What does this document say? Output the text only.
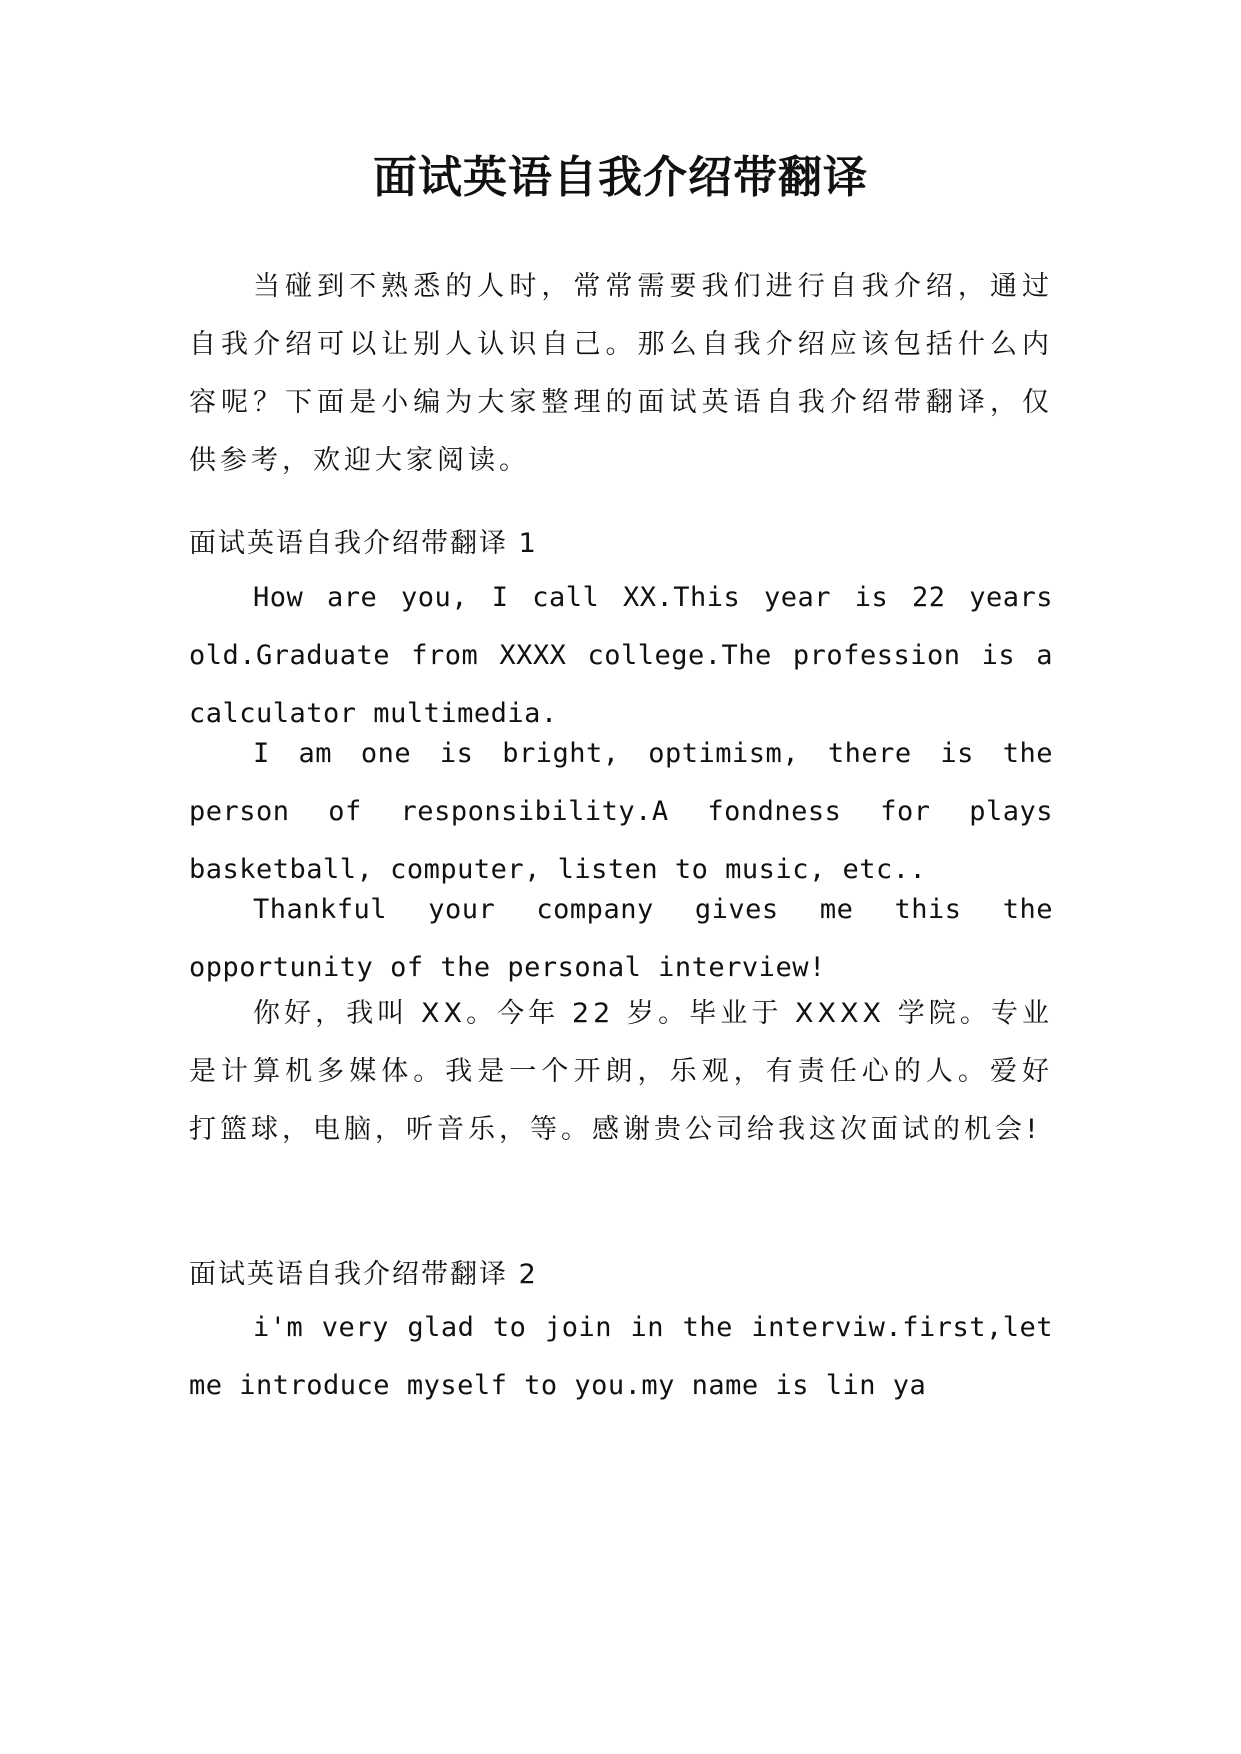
面试英语自我介绍带翻译

当碰到不熟悉的人时，常常需要我们进行自我介绍，通过自我介绍可以让别人认识自己。那么自我介绍应该包括什么内容呢？下面是小编为大家整理的面试英语自我介绍带翻译，仅供参考，欢迎大家阅读。

面试英语自我介绍带翻译 1

How are you, I call XX.This year is 22 years old.Graduate from XXXX college.The profession is a calculator multimedia.

I am one is bright, optimism, there is the person of responsibility.A fondness for plays basketball, computer, listen to music, etc..

Thankful your company gives me this the opportunity of the personal interview!

你好，我叫 XX。今年 22 岁。毕业于 XXXX 学院。专业是计算机多媒体。我是一个开朗，乐观，有责任心的人。爱好打篮球，电脑，听音乐，等。感谢贵公司给我这次面试的机会!

面试英语自我介绍带翻译 2

i'm very glad to join in the interviw.first,let me introduce myself to you.my name is lin ya
